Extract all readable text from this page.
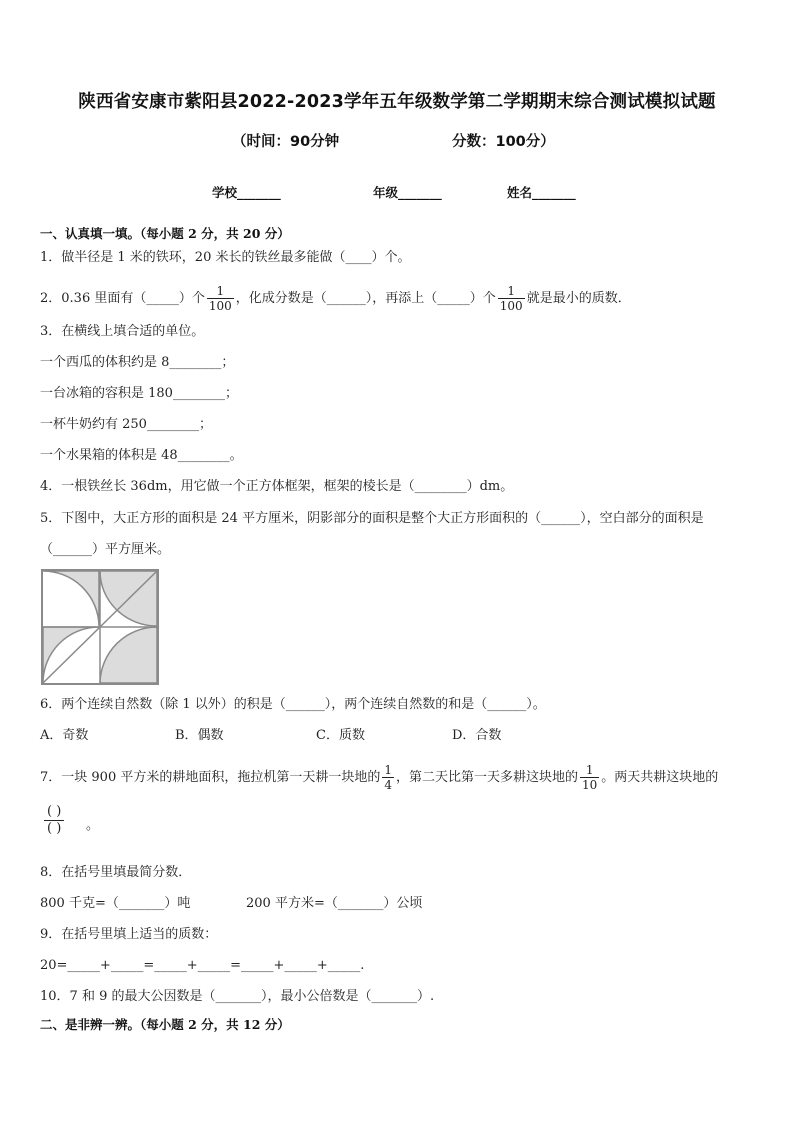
陕西省安康市紫阳县2022-2023学年五年级数学第二学期期末综合测试模拟试题
（时间：90分钟	分数：100分）
学校_______	年级_______	姓名_______
一、认真填一填。（每小题 2 分，共 20 分）
1．做半径是 1 米的铁环，20 米长的铁丝最多能做（____）个。
2．0.36 里面有（_____）个 $\frac{1}{100}$ ，化成分数是（______），再添上（_____）个 $\frac{1}{100}$ 就是最小的质数．
3．在横线上填合适的单位。
一个西瓜的体积约是 8________；
一台冰箱的容积是 180________；
一杯牛奶约有 250________；
一个水果箱的体积是 48________。
4．一根铁丝长 36dm，用它做一个正方体框架，框架的棱长是（________）dm。
5．下图中，大正方形的面积是 24 平方厘米，阴影部分的面积是整个大正方形面积的（______），空白部分的面积是
（______）平方厘米。
6．两个连续自然数（除 1 以外）的积是（______），两个连续自然数的和是（______）。
A．奇数	B．偶数	C．质数	D．合数
7．一块 900 平方米的耕地面积，拖拉机第一天耕一块地的 $\frac{1}{4}$ ，第二天比第一天多耕这块地的 $\frac{1}{10}$ 。两天共耕这块地的
( )
( ) 。
8．在括号里填最简分数．
800 千克=（_______）吨	200 平方米=（_______）公顷
9．在括号里填上适当的质数：
20=_____+_____=_____+_____=_____+_____+_____.
10．7 和 9 的最大公因数是（_______），最小公倍数是（_______）.
二、是非辨一辨。（每小题 2 分，共 12 分）
